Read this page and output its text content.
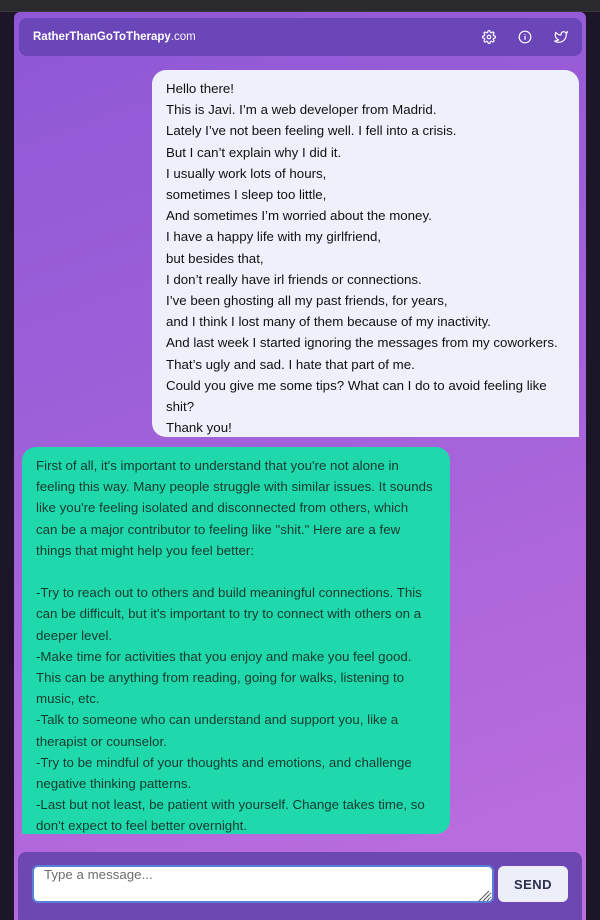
RatherThanGoToTherapy.com
Hello there!
This is Javi. I’m a web developer from Madrid.
Lately I’ve not been feeling well. I fell into a crisis.
But I can’t explain why I did it.
I usually work lots of hours,
sometimes I sleep too little,
And sometimes I’m worried about the money.
I have a happy life with my girlfriend,
but besides that,
I don’t really have irl friends or connections.
I’ve been ghosting all my past friends, for years,
and I think I lost many of them because of my inactivity.
And last week I started ignoring the messages from my coworkers.
That’s ugly and sad. I hate that part of me.
Could you give me some tips? What can I do to avoid feeling like
shit?
Thank you!
First of all, it's important to understand that you're not alone in
feeling this way. Many people struggle with similar issues. It sounds
like you're feeling isolated and disconnected from others, which
can be a major contributor to feeling like "shit." Here are a few
things that might help you feel better:
-Try to reach out to others and build meaningful connections. This
can be difficult, but it's important to try to connect with others on a
deeper level.
-Make time for activities that you enjoy and make you feel good.
This can be anything from reading, going for walks, listening to
music, etc.
-Talk to someone who can understand and support you, like a
therapist or counselor.
-Try to be mindful of your thoughts and emotions, and challenge
negative thinking patterns.
-Last but not least, be patient with yourself. Change takes time, so
don't expect to feel better overnight.
Type a message...
SEND
